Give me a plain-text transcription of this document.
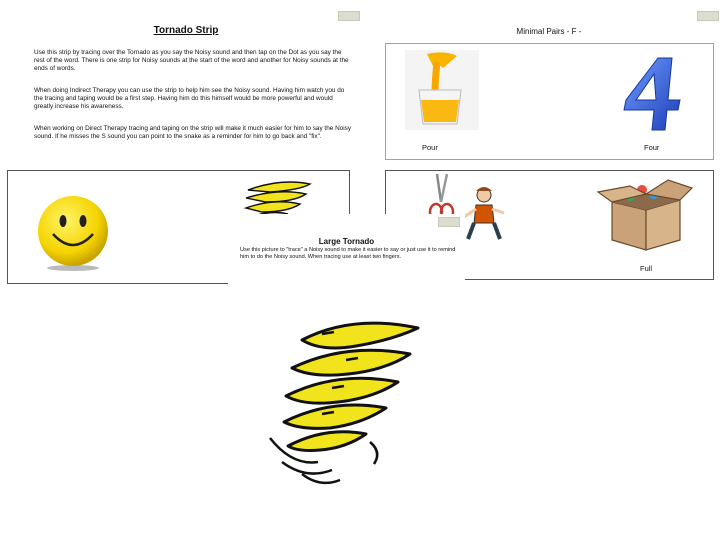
Tornado Strip
Use this strip by tracing over the Tornado as you say the Noisy sound and then tap on the Dot as you say the rest of the word. There is one strip for Noisy sounds at the start of the word and another for Noisy sounds at the ends of words.
When doing Indirect Therapy you can use the strip to help him see the Noisy sound. Having him watch you do the tracing and taping would be a first step. Having him do this himself would be more powerful and would greatly increase his awareness.
When working on Direct Therapy tracing and taping on the strip will make it much easier for him to say the Noisy sound. If he misses the S sound you can point to the snake as a reminder for him to go back and "fix".
Minimal Pairs - F -
Pour	Four
Full
Large Tornado
Use this picture to "trace" a Noisy sound to make it easier to say or just use it to remind him to do the Noisy sound. When tracing use at least two fingers.
